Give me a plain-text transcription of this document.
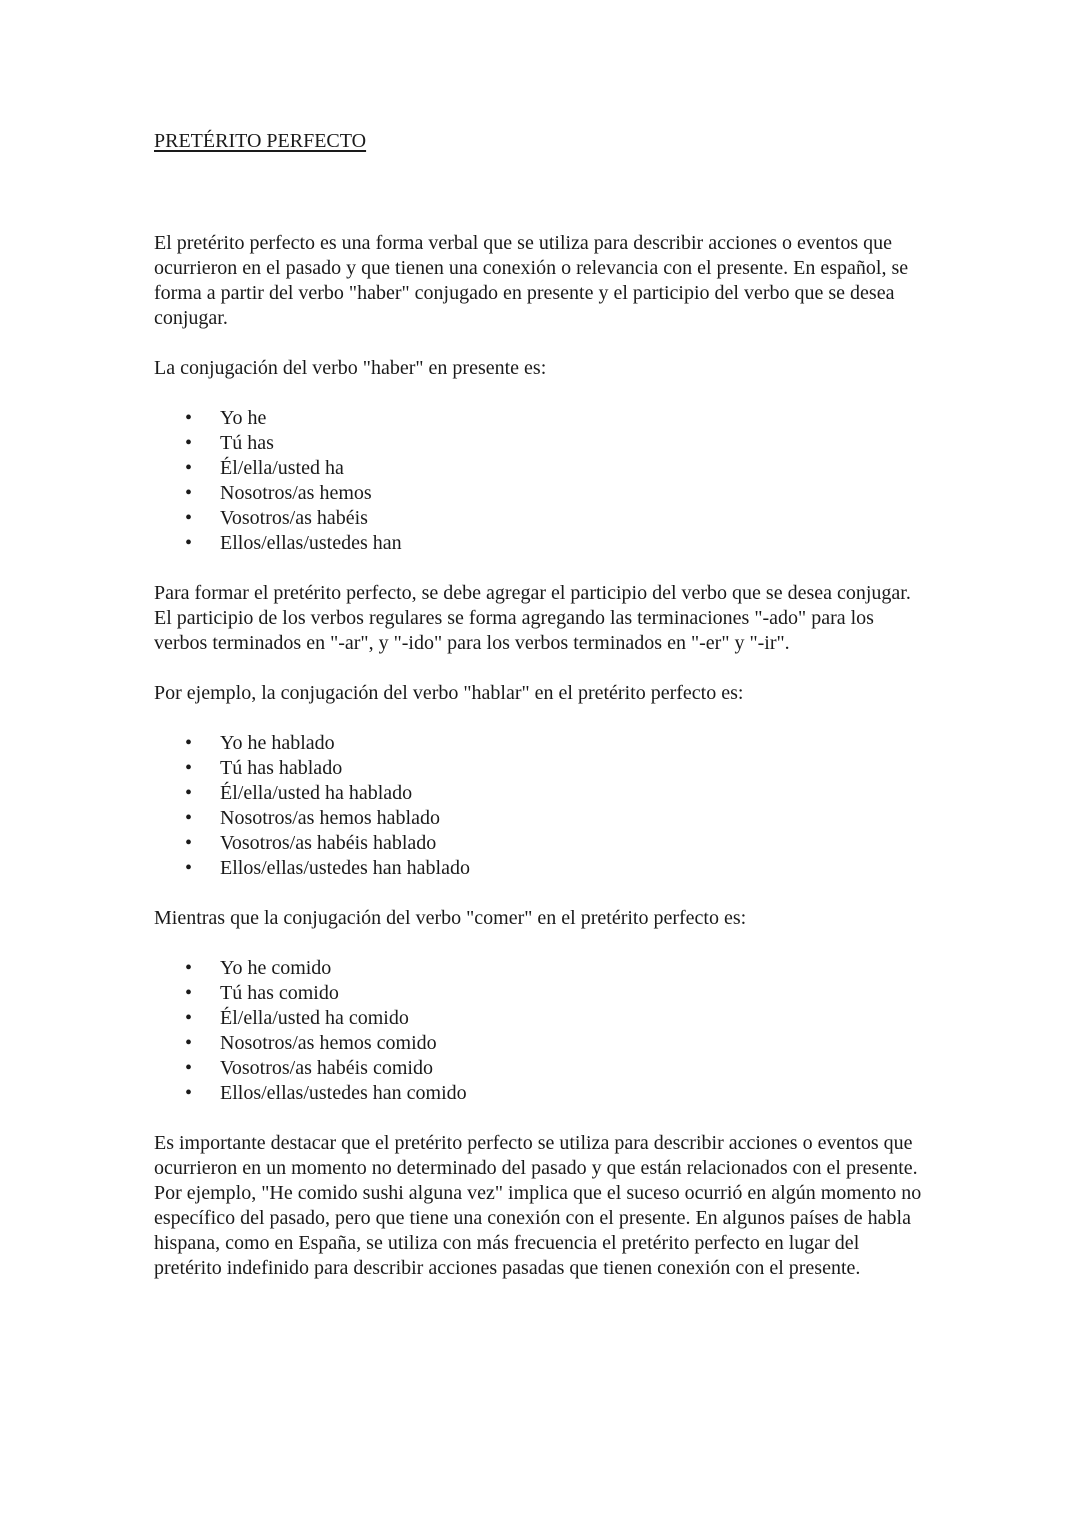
PRETÉRITO PERFECTO

El pretérito perfecto es una forma verbal que se utiliza para describir acciones o eventos que ocurrieron en el pasado y que tienen una conexión o relevancia con el presente. En español, se forma a partir del verbo "haber" conjugado en presente y el participio del verbo que se desea conjugar.

La conjugación del verbo "haber" en presente es:

• Yo he
• Tú has
• Él/ella/usted ha
• Nosotros/as hemos
• Vosotros/as habéis
• Ellos/ellas/ustedes han

Para formar el pretérito perfecto, se debe agregar el participio del verbo que se desea conjugar. El participio de los verbos regulares se forma agregando las terminaciones "-ado" para los verbos terminados en "-ar", y "-ido" para los verbos terminados en "-er" y "-ir".

Por ejemplo, la conjugación del verbo "hablar" en el pretérito perfecto es:

• Yo he hablado
• Tú has hablado
• Él/ella/usted ha hablado
• Nosotros/as hemos hablado
• Vosotros/as habéis hablado
• Ellos/ellas/ustedes han hablado

Mientras que la conjugación del verbo "comer" en el pretérito perfecto es:

• Yo he comido
• Tú has comido
• Él/ella/usted ha comido
• Nosotros/as hemos comido
• Vosotros/as habéis comido
• Ellos/ellas/ustedes han comido

Es importante destacar que el pretérito perfecto se utiliza para describir acciones o eventos que ocurrieron en un momento no determinado del pasado y que están relacionados con el presente. Por ejemplo, "He comido sushi alguna vez" implica que el suceso ocurrió en algún momento no específico del pasado, pero que tiene una conexión con el presente. En algunos países de habla hispana, como en España, se utiliza con más frecuencia el pretérito perfecto en lugar del pretérito indefinido para describir acciones pasadas que tienen conexión con el presente.
